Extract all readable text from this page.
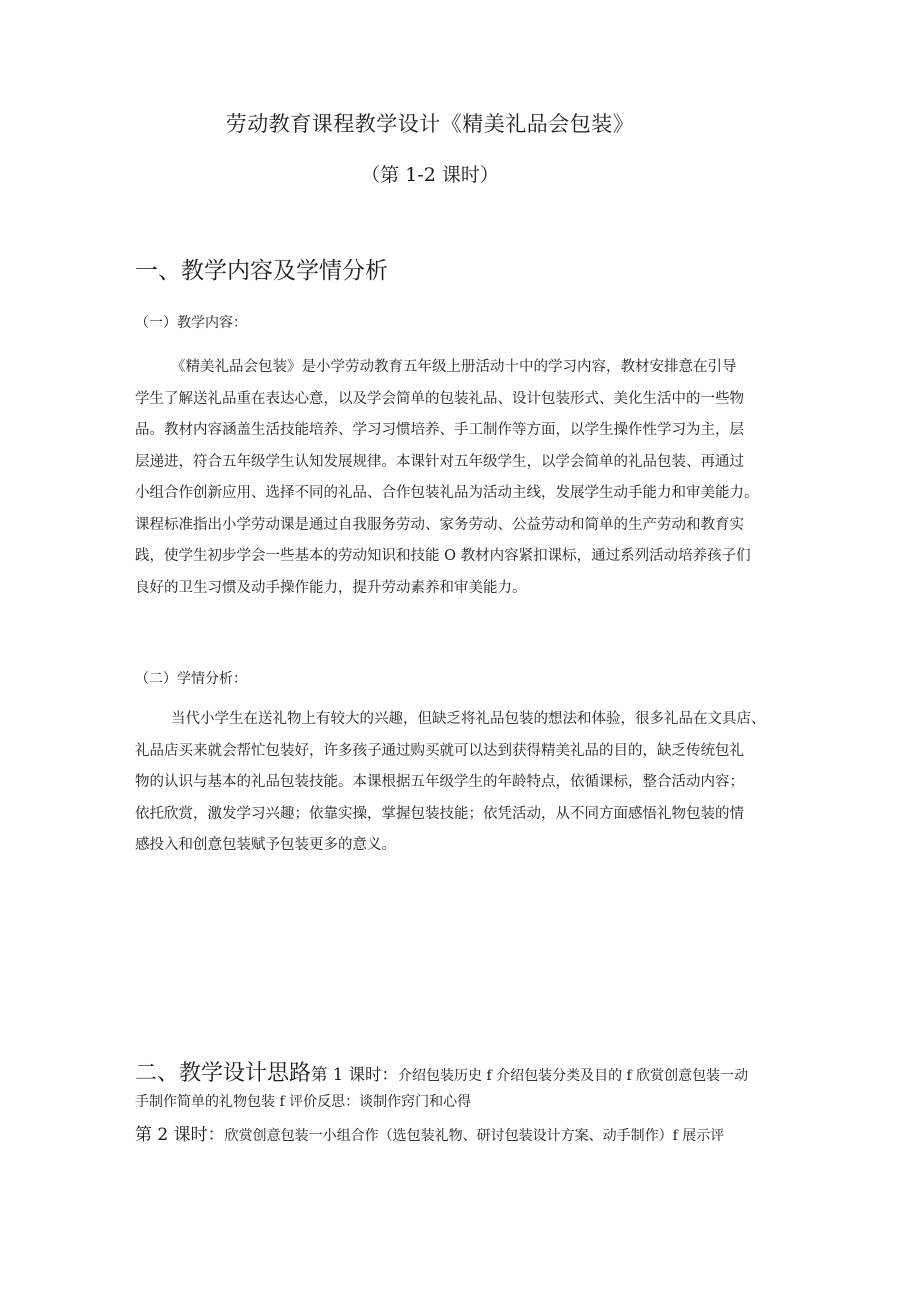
劳动教育课程教学设计《精美礼品会包装》
（第 1-2 课时）
一、教学内容及学情分析
（一）教学内容：
《精美礼品会包装》是小学劳动教育五年级上册活动十中的学习内容，教材安排意在引导
学生了解送礼品重在表达心意，以及学会简单的包装礼品、设计包装形式、美化生活中的一些物
品。教材内容涵盖生活技能培养、学习习惯培养、手工制作等方面，以学生操作性学习为主，层
层递进，符合五年级学生认知发展规律。本课针对五年级学生，以学会简单的礼品包装、再通过
小组合作创新应用、选择不同的礼品、合作包装礼品为活动主线，发展学生动手能力和审美能力。
课程标准指出小学劳动课是通过自我服务劳动、家务劳动、公益劳动和简单的生产劳动和教育实
践，使学生初步学会一些基本的劳动知识和技能 O 教材内容紧扣课标，通过系列活动培养孩子们
良好的卫生习惯及动手操作能力，提升劳动素养和审美能力。
（二）学情分析：
当代小学生在送礼物上有较大的兴趣，但缺乏将礼品包装的想法和体验，很多礼品在文具店、
礼品店买来就会帮忙包装好，许多孩子通过购买就可以达到获得精美礼品的目的，缺乏传统包礼
物的认识与基本的礼品包装技能。本课根据五年级学生的年龄特点，依循课标，整合活动内容；
依托欣赏，激发学习兴趣；依靠实操，掌握包装技能；依凭活动，从不同方面感悟礼物包装的情
感投入和创意包装赋予包装更多的意义。
二、教学设计思路第 1 课时：介绍包装历史 f 介绍包装分类及目的 f 欣赏创意包装一动
手制作简单的礼物包装 f 评价反思：谈制作窍门和心得
第 2 课时：欣赏创意包装一小组合作（选包装礼物、研讨包装设计方案、动手制作）f 展示评
